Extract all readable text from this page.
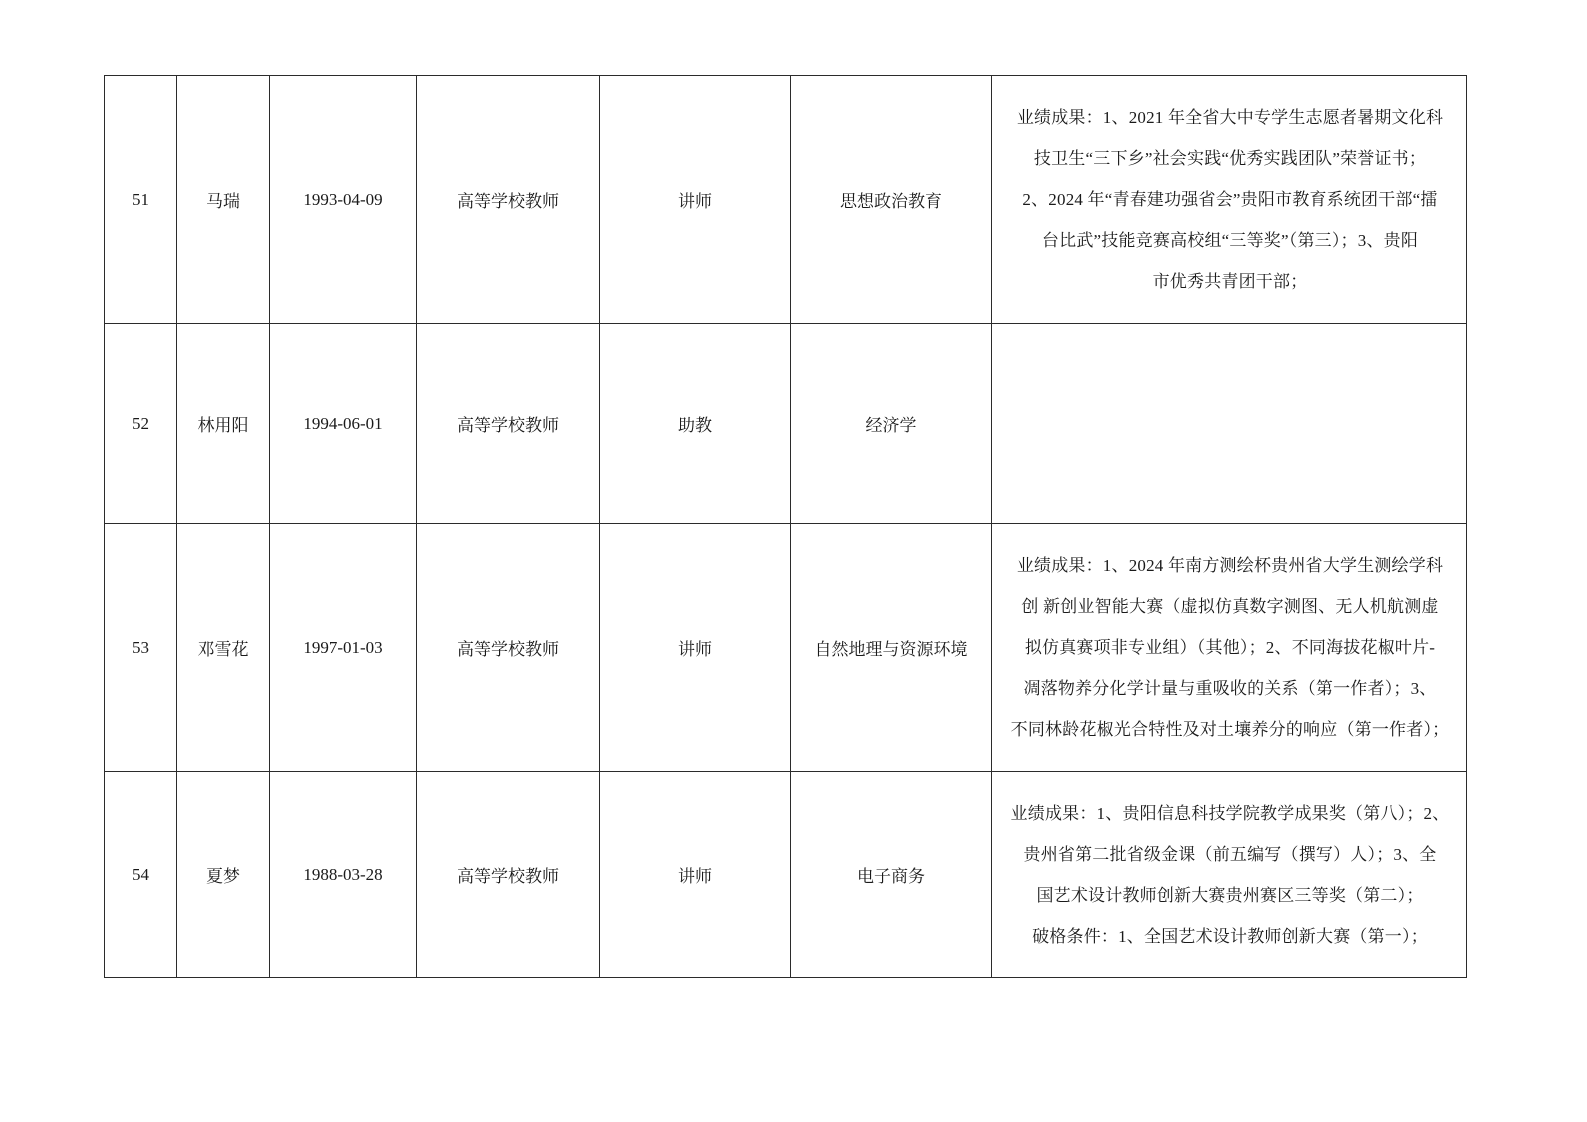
51	马瑞	1993-04-09	高等学校教师	讲师	思想政治教育	业绩成果：1、2021 年全省大中专学生志愿者暑期文化科
技卫生“三下乡”社会实践“优秀实践团队”荣誉证书；
2、2024 年“青春建功强省会”贵阳市教育系统团干部“擂
台比武”技能竞赛高校组“三等奖”（第三）；3、贵阳
市优秀共青团干部；

52	林用阳	1994-06-01	高等学校教师	助教	经济学	
53	邓雪花	1997-01-03	高等学校教师	讲师	自然地理与资源环境	业绩成果：1、2024 年南方测绘杯贵州省大学生测绘学科
创 新创业智能大赛（虚拟仿真数字测图、无人机航测虚
拟仿真赛项非专业组）（其他）；2、不同海拔花椒叶片-
凋落物养分化学计量与重吸收的关系（第一作者）；3、
不同林龄花椒光合特性及对土壤养分的响应（第一作者）；

54	夏梦	1988-03-28	高等学校教师	讲师	电子商务	业绩成果：1、贵阳信息科技学院教学成果奖（第八）；2、
贵州省第二批省级金课（前五编写（撰写）人）；3、全
国艺术设计教师创新大赛贵州赛区三等奖（第二）；
破格条件：1、全国艺术设计教师创新大赛（第一）；
